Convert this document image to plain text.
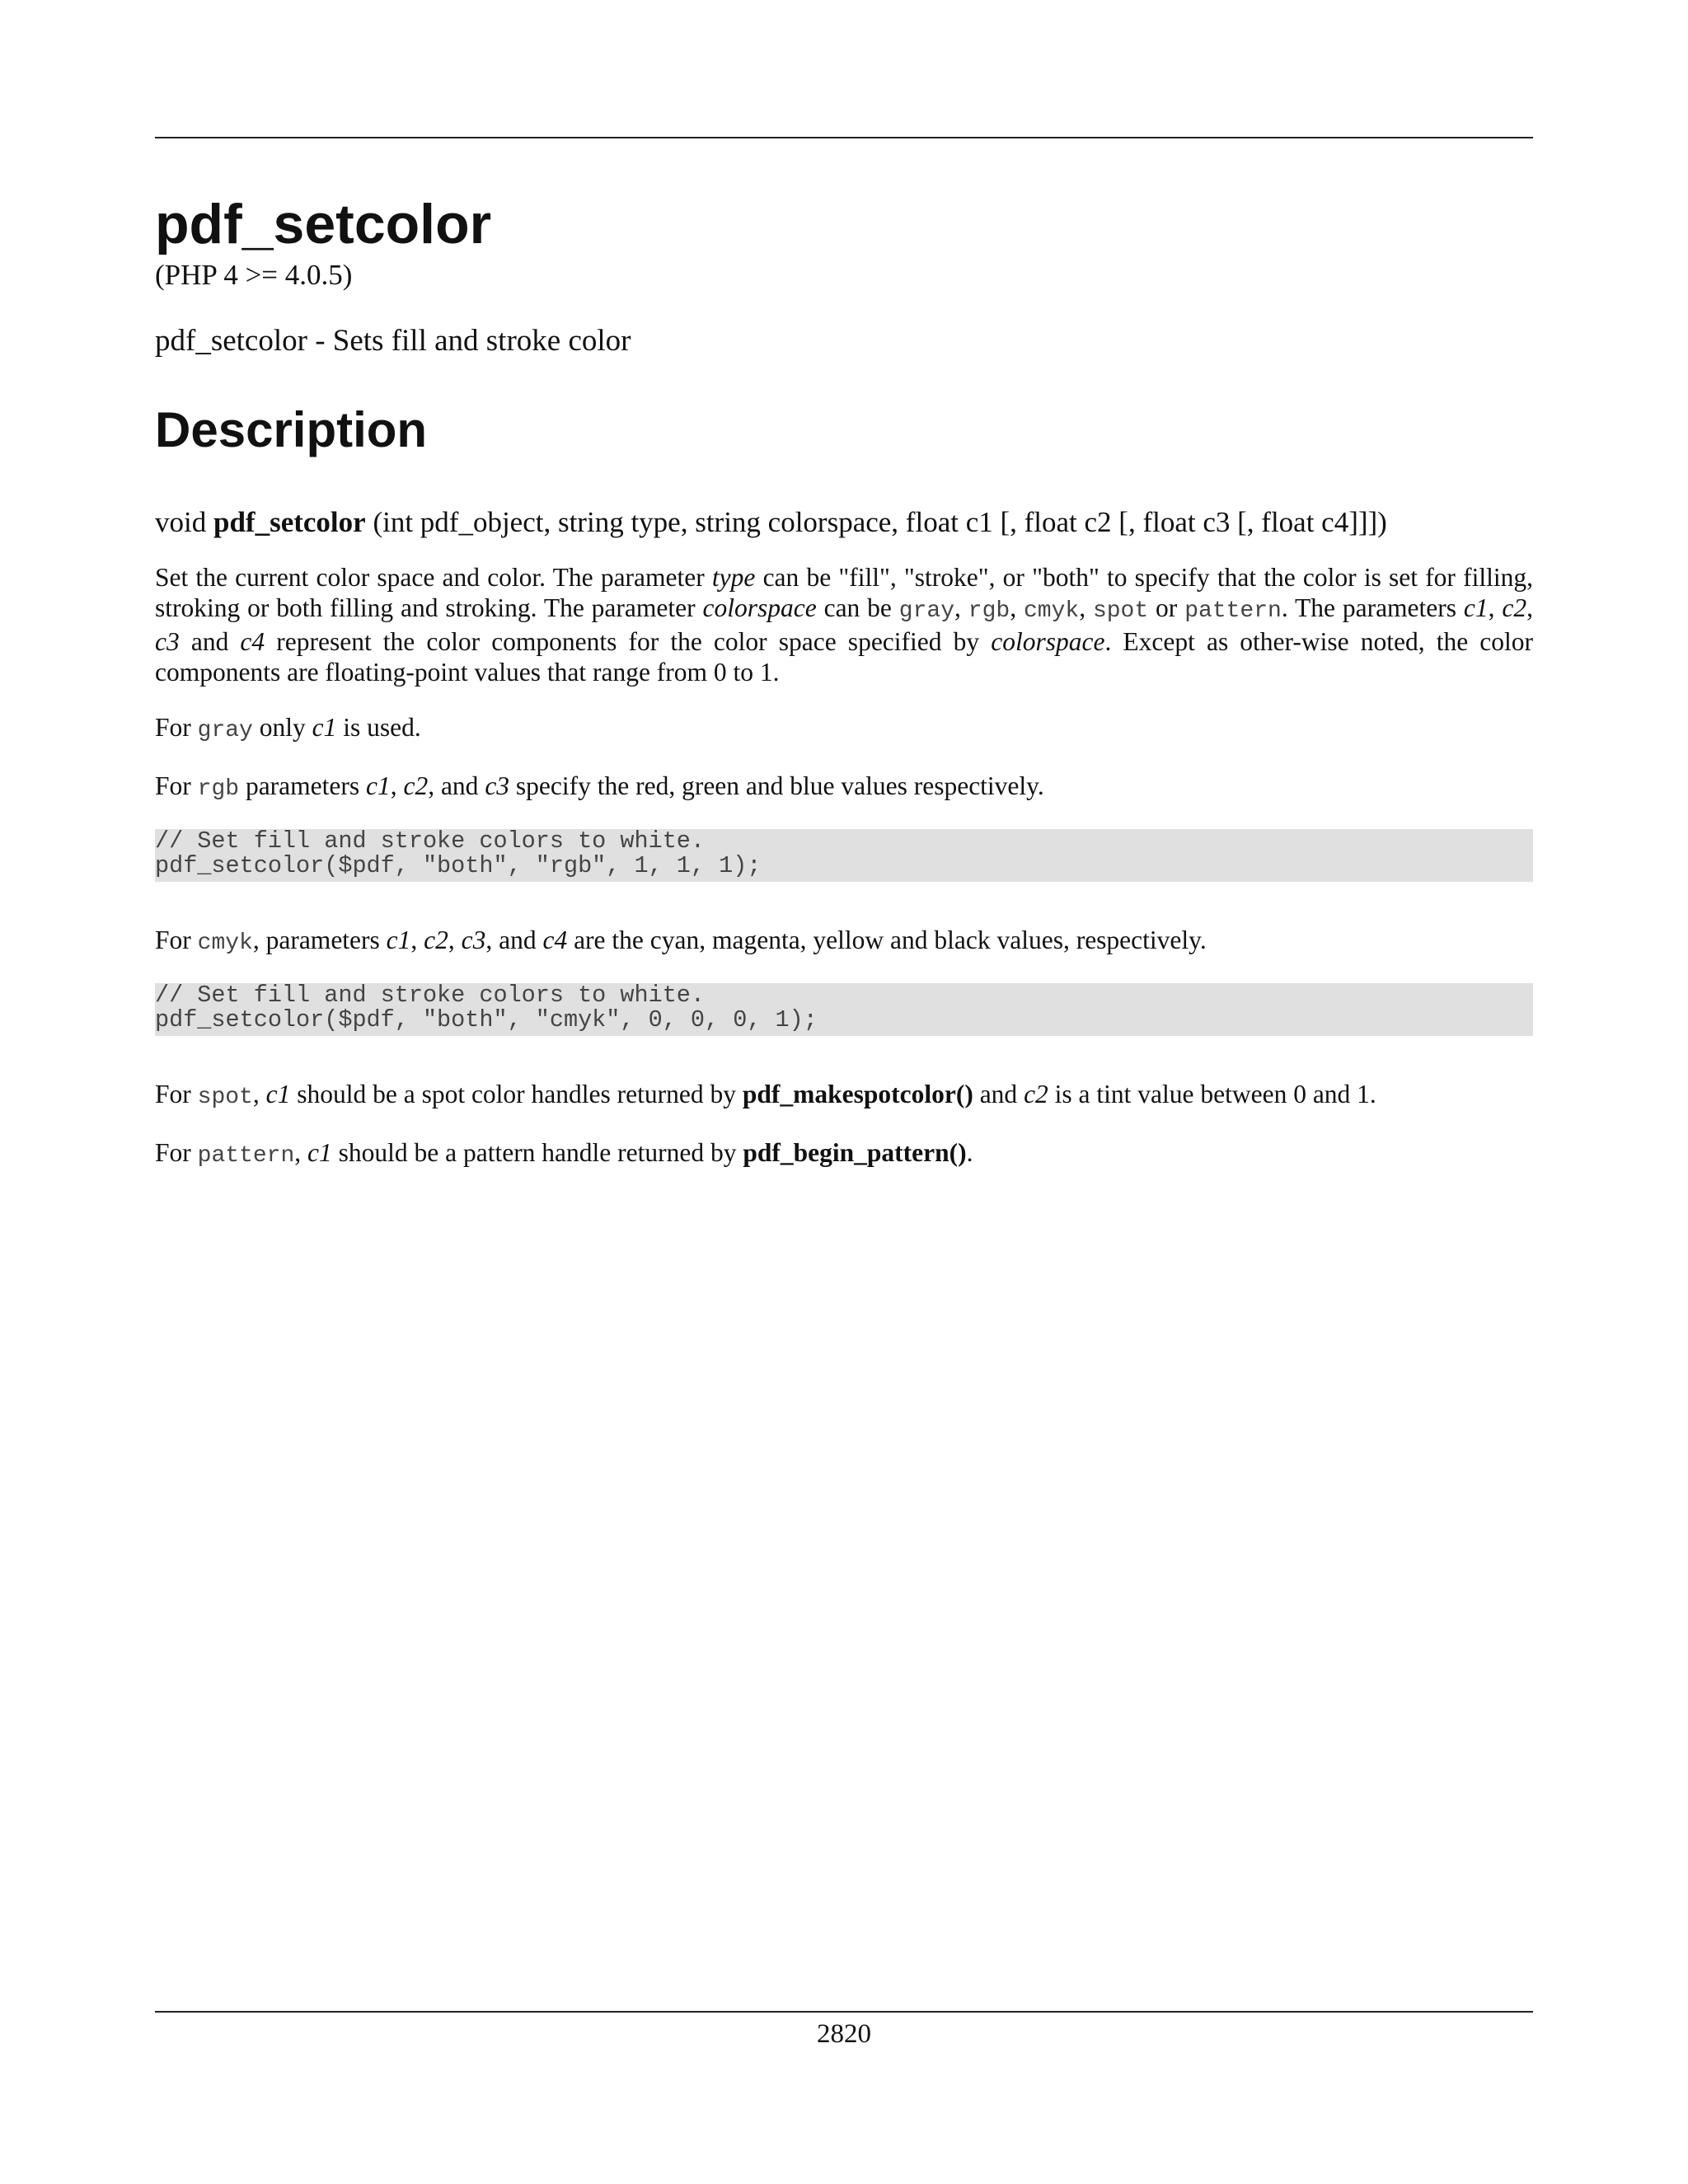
pdf_setcolor

(PHP 4 >= 4.0.5)

pdf_setcolor - Sets fill and stroke color

Description
void pdf_setcolor (int pdf_object, string type, string colorspace, float c1 [, float c2 [, float c3 [, float c4]]])

Set the current color space and color. The parameter type can be "fill", "stroke", or "both" to specify that the color is set for filling, stroking or both filling and stroking. The parameter colorspace can be gray, rgb, cmyk, spot or pattern. The parameters c1, c2, c3 and c4 represent the color components for the color space specified by colorspace. Except as other-wise noted, the color components are floating-point values that range from 0 to 1.

For gray only c1 is used.

For rgb parameters c1, c2, and c3 specify the red, green and blue values respectively.

// Set fill and stroke colors to white.
pdf_setcolor($pdf, "both", "rgb", 1, 1, 1);

For cmyk, parameters c1, c2, c3, and c4 are the cyan, magenta, yellow and black values, respectively.

// Set fill and stroke colors to white.
pdf_setcolor($pdf, "both", "cmyk", 0, 0, 0, 1);

For spot, c1 should be a spot color handles returned by pdf_makespotcolor() and c2 is a tint value between 0 and 1.

For pattern, c1 should be a pattern handle returned by pdf_begin_pattern().

2820
